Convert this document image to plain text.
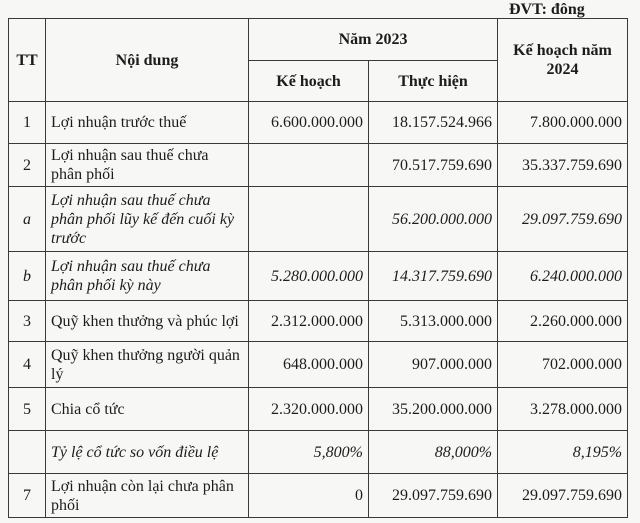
ĐVT: đông
TT	Nội dung	Năm 2023		Kế hoạch năm 2024
		Kế hoạch	Thực hiện	
1	Lợi nhuận trước thuế	6.600.000.000	18.157.524.966	7.800.000.000
2	Lợi nhuận sau thuế chưa phân phối		70.517.759.690	35.337.759.690
a	Lợi nhuận sau thuế chưa phân phối lũy kế đến cuối kỳ trước		56.200.000.000	29.097.759.690
b	Lợi nhuận sau thuế chưa phân phối kỳ này	5.280.000.000	14.317.759.690	6.240.000.000
3	Quỹ khen thưởng và phúc lợi	2.312.000.000	5.313.000.000	2.260.000.000
4	Quỹ khen thưởng người quản lý	648.000.000	907.000.000	702.000.000
5	Chia cổ tức	2.320.000.000	35.200.000.000	3.278.000.000
	Tỷ lệ cổ tức so vốn điều lệ	5,800%	88,000%	8,195%
7	Lợi nhuận còn lại chưa phân phối	0	29.097.759.690	29.097.759.690
